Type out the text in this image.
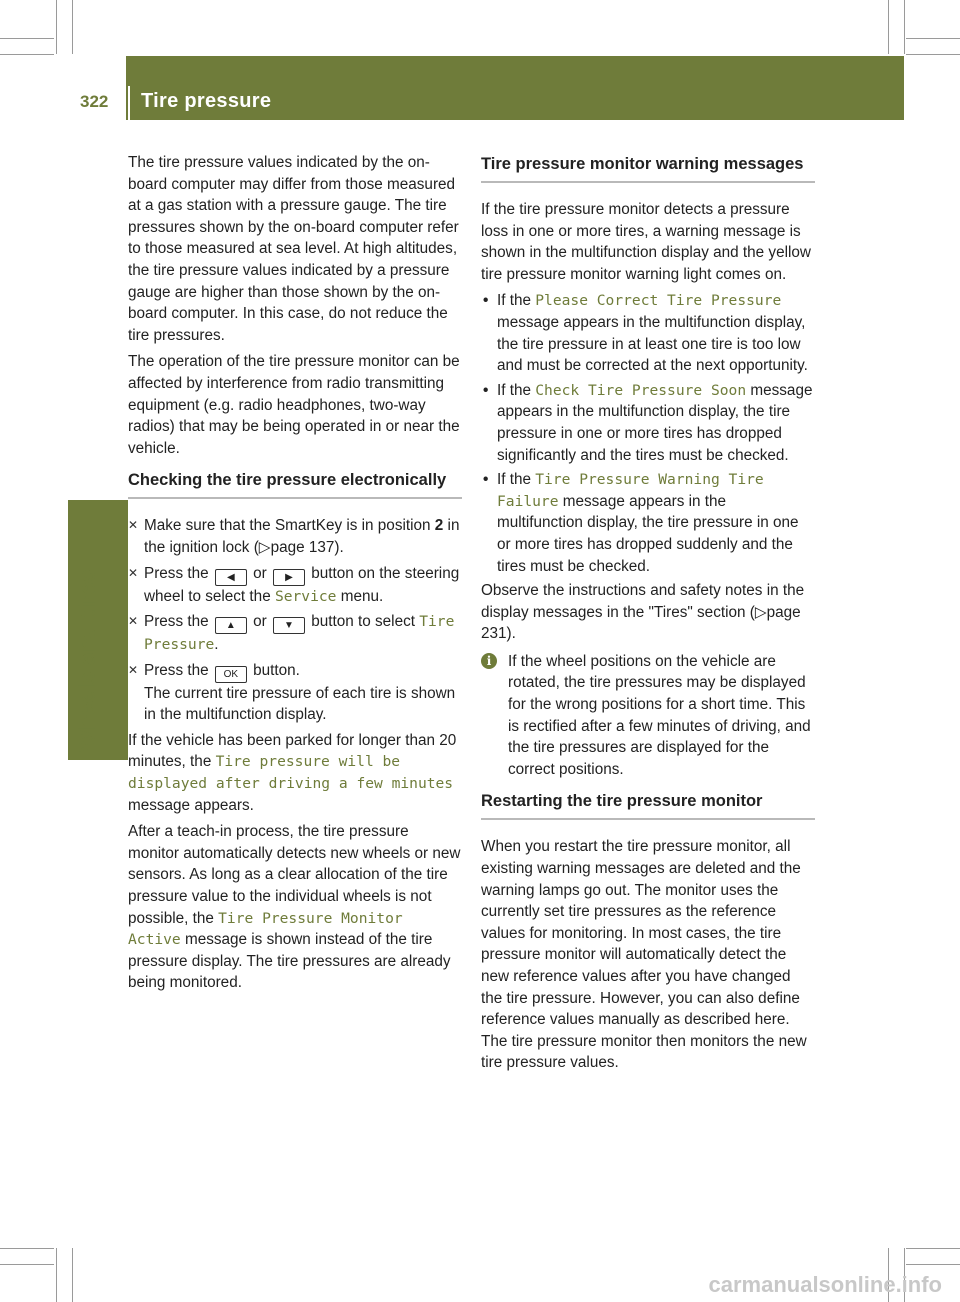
322	Tire pressure
Wheels and tires

The tire pressure values indicated by the on-board computer may differ from those measured at a gas station with a pressure gauge. The tire pressures shown by the on-board computer refer to those measured at sea level. At high altitudes, the tire pressure values indicated by a pressure gauge are higher than those shown by the on-board computer. In this case, do not reduce the tire pressures.

The operation of the tire pressure monitor can be affected by interference from radio transmitting equipment (e.g. radio headphones, two-way radios) that may be being operated in or near the vehicle.

Checking the tire pressure electronically
✕ Make sure that the SmartKey is in position 2 in the ignition lock (▷page 137).
✕ Press the ◀ or ▶ button on the steering wheel to select the Service menu.
✕ Press the ▲ or ▼ button to select Tire Pressure.
✕ Press the OK button.
The current tire pressure of each tire is shown in the multifunction display.

If the vehicle has been parked for longer than 20 minutes, the Tire pressure will be displayed after driving a few minutes message appears.

After a teach-in process, the tire pressure monitor automatically detects new wheels or new sensors. As long as a clear allocation of the tire pressure value to the individual wheels is not possible, the Tire Pressure Monitor Active message is shown instead of the tire pressure display. The tire pressures are already being monitored.

Tire pressure monitor warning messages

If the tire pressure monitor detects a pressure loss in one or more tires, a warning message is shown in the multifunction display and the yellow tire pressure monitor warning light comes on.

• If the Please Correct Tire Pressure message appears in the multifunction display, the tire pressure in at least one tire is too low and must be corrected at the next opportunity.
• If the Check Tire Pressure Soon message appears in the multifunction display, the tire pressure in one or more tires has dropped significantly and the tires must be checked.
• If the Tire Pressure Warning Tire Failure message appears in the multifunction display, the tire pressure in one or more tires has dropped suddenly and the tires must be checked.

Observe the instructions and safety notes in the display messages in the "Tires" section (▷page 231).

i	If the wheel positions on the vehicle are rotated, the tire pressures may be displayed for the wrong positions for a short time. This is rectified after a few minutes of driving, and the tire pressures are displayed for the correct positions.
Restarting the tire pressure monitor

When you restart the tire pressure monitor, all existing warning messages are deleted and the warning lamps go out. The monitor uses the currently set tire pressures as the reference values for monitoring. In most cases, the tire pressure monitor will automatically detect the new reference values after you have changed the tire pressure. However, you can also define reference values manually as described here. The tire pressure monitor then monitors the new tire pressure values.

carmanualsonline.info
